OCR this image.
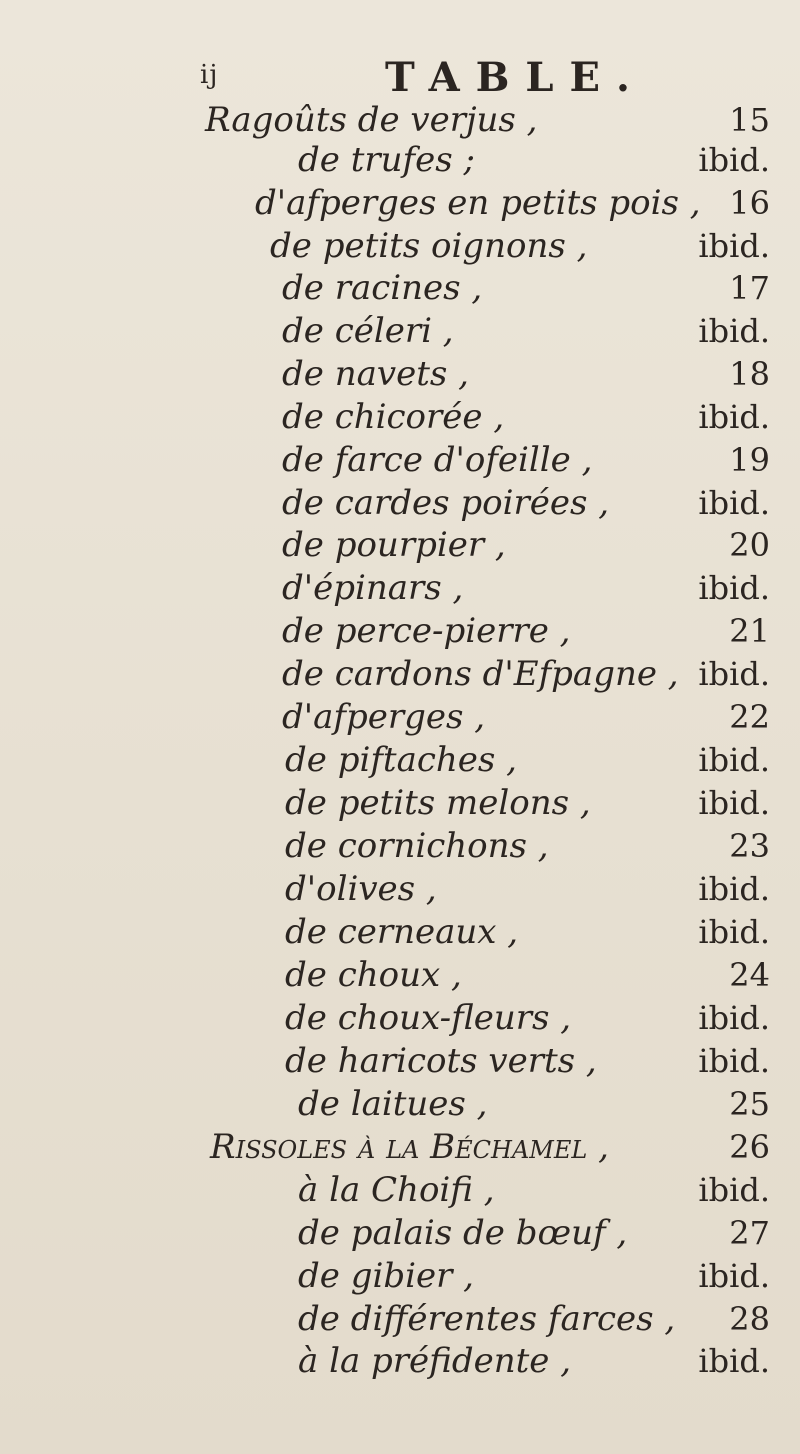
ij	TABLE.
Ragoûts de verjus ,	15
de trufes ;	ibid.
d'afperges en petits pois , 16
de petits oignons ,	ibid.
de racines ,	17
de céleri ,	ibid.
de navets ,	18
de chicorée ,	ibid.
de farce d'ofeille ,	19
de cardes poirées ,	ibid.
de pourpier ,	20
d'épinars ,	ibid.
de perce-pierre ,	21
de cardons d'Efpagne , ibid.
d'afperges ,	22
de piftaches ,	ibid.
de petits melons ,	ibid.
de cornichons ,	23
d'olives ,	ibid.
de cerneaux ,	ibid.
de choux ,	24
de choux-fleurs ,	ibid.
de haricots verts ,	ibid.
de laitues ,	25
Rissoles à la Béchamel ,	26
à la Choifi ,	ibid.
de palais de bœuf ,	27
de gibier ,	ibid.
de différentes farces ,	28
à la préfidente ,	ibid.
